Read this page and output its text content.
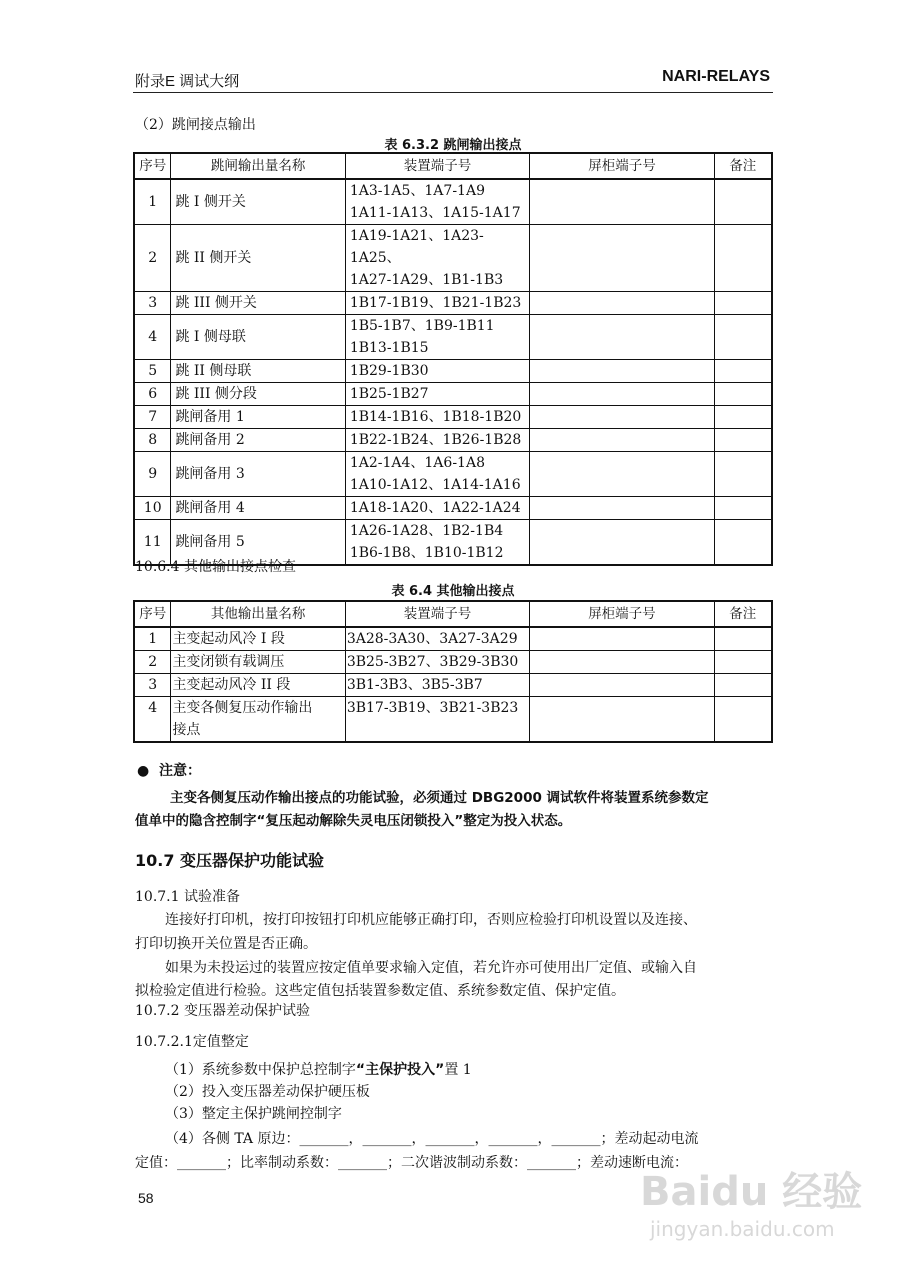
附录E 调试大纲	NARI-RELAYS
（2）跳闸接点输出
表 6.3.2 跳闸输出接点
序号	跳闸输出量名称	装置端子号	屏柜端子号	备注
1	跳 I 侧开关	1A3-1A5、1A7-1A9
1A11-1A13、1A15-1A17		

2	跳 II 侧开关	1A19-1A21、1A23-1A25、
1A27-1A29、1B1-1B3		

3	跳 III 侧开关	1B17-1B19、1B21-1B23		

4	跳 I 侧母联	1B5-1B7、1B9-1B11
1B13-1B15		

5	跳 II 侧母联	1B29-1B30		

6	跳 III 侧分段	1B25-1B27		

7	跳闸备用 1	1B14-1B16、1B18-1B20		

8	跳闸备用 2	1B22-1B24、1B26-1B28		

9	跳闸备用 3	1A2-1A4、1A6-1A8
1A10-1A12、1A14-1A16		

10	跳闸备用 4	1A18-1A20、1A22-1A24		

11	跳闸备用 5	1A26-1A28、1B2-1B4
1B6-1B8、1B10-1B12		

10.6.4 其他输出接点检查
表 6.4 其他输出接点
序号	其他输出量名称	装置端子号	屏柜端子号	备注
1	主变起动风冷 I 段	3A28-3A30、3A27-3A29		
2	主变闭锁有载调压	3B25-3B27、3B29-3B30		
3	主变起动风冷 II 段	3B1-3B3、3B5-3B7		
4	主变各侧复压动作输出
接点	3B17-3B19、3B21-3B23		
●  注意：
主变各侧复压动作输出接点的功能试验，必须通过 DBG2000 调试软件将装置系统参数定
值单中的隐含控制字“复压起动解除失灵电压闭锁投入”整定为投入状态。
10.7 变压器保护功能试验
10.7.1 试验准备
连接好打印机，按打印按钮打印机应能够正确打印，否则应检验打印机设置以及连接、
打印切换开关位置是否正确。
如果为未投运过的装置应按定值单要求输入定值，若允许亦可使用出厂定值、或输入自
拟检验定值进行检验。这些定值包括装置参数定值、系统参数定值、保护定值。
10.7.2 变压器差动保护试验
10.7.2.1定值整定
（1）系统参数中保护总控制字“主保护投入”置 1
（2）投入变压器差动保护硬压板
（3）整定主保护跳闸控制字
（4）各侧 TA 原边：_______，_______，_______，_______，_______；差动起动电流
定值：_______；比率制动系数：_______；二次谐波制动系数：_______；差动速断电流：
58	Baidu 经验
jingyan.baidu.com
